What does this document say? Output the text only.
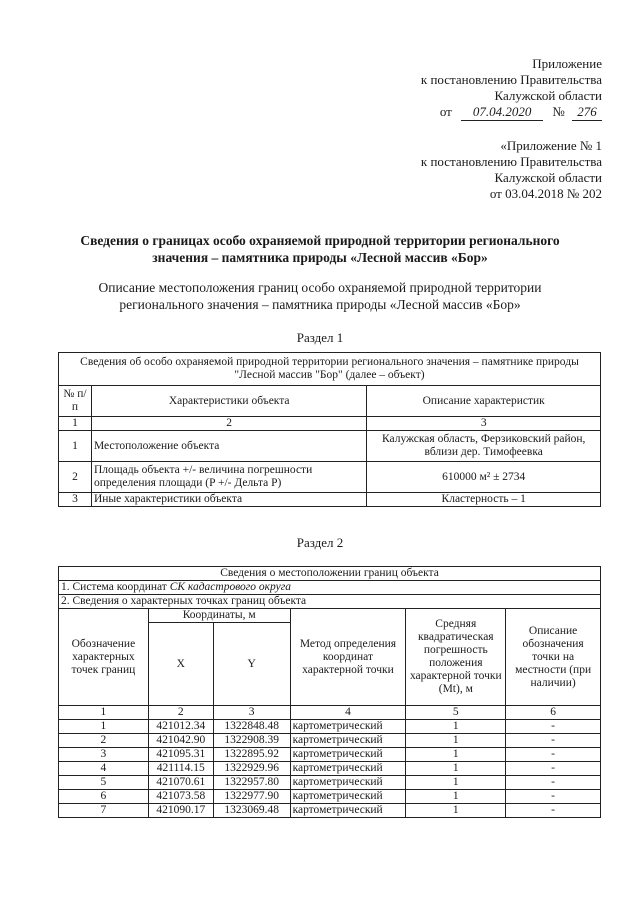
Приложение
к постановлению Правительства
Калужской области
от 07.04.2020 № 276
«Приложение № 1
к постановлению Правительства
Калужской области
от 03.04.2018 № 202
Сведения о границах особо охраняемой природной территории регионального
значения – памятника природы «Лесной массив «Бор»
Описание местоположения границ особо охраняемой природной территории
регионального значения – памятника природы «Лесной массив «Бор»
Раздел 1
Сведения об особо охраняемой природной территории регионального значения – памятнике природы "Лесной массив "Бор" (далее – объект)		
№ п/п	Характеристики объекта	Описание характеристик
1	2	3
1	Местоположение объекта	Калужская область, Ферзиковский район, вблизи дер. Тимофеевка
2	Площадь объекта +/- величина погрешности определения площади (P +/- Дельта P)	610000 м² ± 2734
3	Иные характеристики объекта	Кластерность – 1
Раздел 2
Сведения о местоположении границ объекта					
1. Система координат СК кадастрового округа					
2. Сведения о характерных точках границ объекта					
Обозначение характерных точек границ	Координаты, м		Метод определения координат характерной точки	Средняя квадратическая погрешность положения характерной точки (Mt), м	Описание обозначения точки на местности (при наличии)
	X	Y			
1	2	3	4	5	6
1	421012.34	1322848.48	картометрический	1	-
2	421042.90	1322908.39	картометрический	1	-
3	421095.31	1322895.92	картометрический	1	-
4	421114.15	1322929.96	картометрический	1	-
5	421070.61	1322957.80	картометрический	1	-
6	421073.58	1322977.90	картометрический	1	-
7	421090.17	1323069.48	картометрический	1	-
